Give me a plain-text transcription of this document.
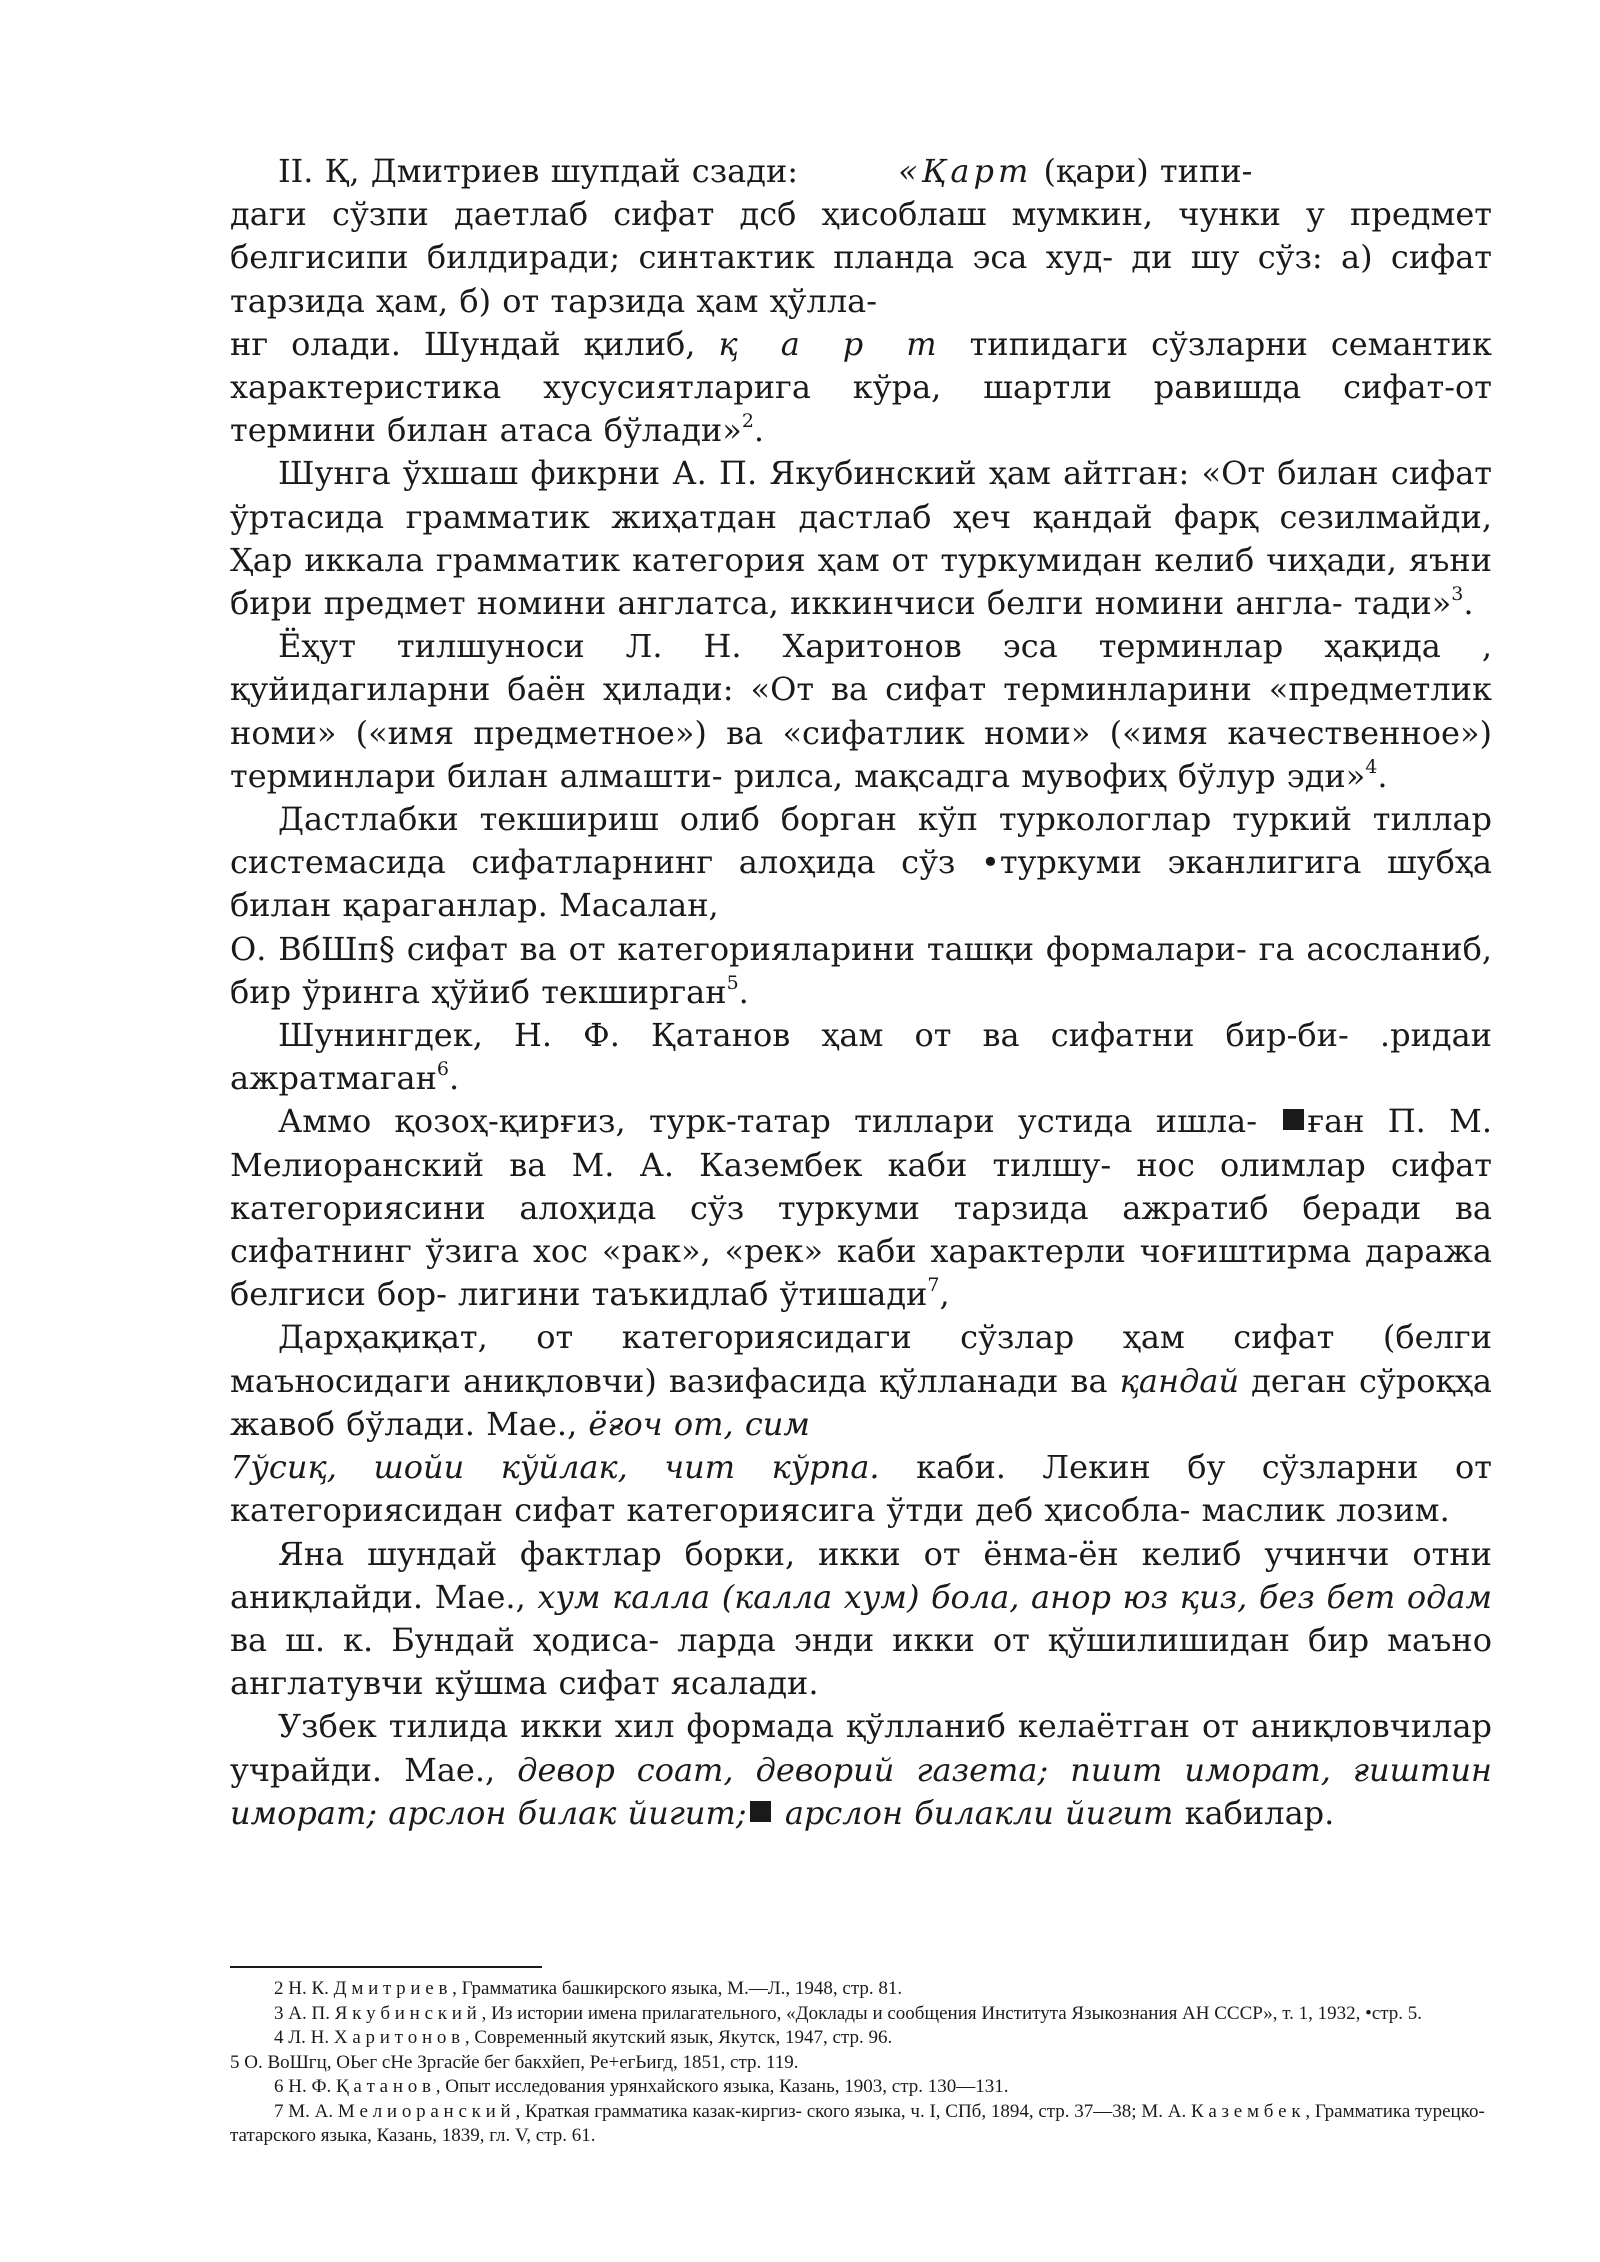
II. Қ, Дмитриев шупдай сзади:	«Қарт (қари) типи-
даги сўзпи даетлаб сифат дсб ҳисоблаш мумкин, чунки у предмет белгисипи билдиради; синтактик планда эса худ- ди шу сўз: а) сифат тарзида ҳам, б) от тарзида ҳам ҳўлла-
нг олади. Шундай қилиб, қ а р т типидаги сўзларни семантик характеристика хусусиятларига кўра, шартли равишда сифат-от термини билан атаса бўлади»$^2$.

Шунга ўхшаш фикрни А. П. Якубинский ҳам айтган: «От билан сифат ўртасида грамматик жиҳатдан дастлаб ҳеч қандай фарқ сезилмайди, Ҳар иккала грамматик категория ҳам от туркумидан келиб чиҳади, яъни бири предмет номини англатса, иккинчиси белги номини англа- тади»$^3$.

Ёҳут тилшуноси Л. Н. Харитонов эса терминлар ҳақида , қуйидагиларни баён ҳилади: «От ва сифат терминларини «предметлик номи» («имя предметное») ва «сифатлик номи» («имя качественное») терминлари билан алмашти- рилса, мақсадга мувофиҳ бўлур эди»$^4$.

Дастлабки текшириш олиб борган кўп туркологлар туркий тиллар системасида сифатларнинг алоҳида сўз •туркуми эканлигига шубҳа билан қараганлар. Масалан,
О. ВбШп§ сифат ва от категорияларини ташқи формалари- га асосланиб, бир ўрингa ҳўйиб текширган$^5$.

Шунингдек, Н. Ф. Қатанов ҳам от ва сифатни бир-би- .ридаи ажратмаган$^6$.

Аммо қозоҳ-қирғиз, турк-татар тиллари устида ишла- ған П. М. Мелиоранский ва М. А. Казембек каби тилшу- нос олимлар сифат категориясини алоҳида сўз туркуми тарзида ажратиб беради ва сифатнинг ўзига хос «рак», «рек» каби характерли чоғиштирма даража белгиси бор- лигини таъкидлаб ўтишади$^7$,

Дарҳақиқат, от категориясидаги сўзлар ҳам сифат (белги маъносидаги аниқловчи) вазифасида қўлланади ва қандай деган сўроқҳа жавоб бўлади. Мае., ёғоч от, сим
7ўсиқ, шойи кўйлак, чит кўрпа. каби. Лекин бу сўзларни от категориясидан сифат категориясига ўтди деб ҳисобла- маслик лозим.

Яна шундай фактлар борки, икки от ёнма-ён келиб учинчи отни аниқлайди. Мае., хум калла (калла хум) бола, анор юз қиз, без бет одам ва ш. к. Бундай ҳодиса- ларда энди икки от қўшилишидан бир маъно англатувчи кўшма сифат ясалади.

Узбек тилида икки хил формада қўлланиб келаётган от аниқловчилар учрайди. Мае., девор соат, деворий газета; пиит иморат, ғиштин иморат; арслон билак йигит; арслон билакли йигит кабилар.

2 Н. К. Д м и т р и е в , Грамматика башкирского языка, М.—Л., 1948, стр. 81.

3 А. П. Я к у б и н с к и й , Из истории имена прилагательного, «Доклады и сообщения Института Языкознания АН СССР», т. 1, 1932, •стр. 5.

4 Л. Н. Х а р и т о н о в , Современный якутский язык, Якутск, 1947, стр. 96.

5 О. ВоШгц, ОЬег сНе Зргасйе бег бакхйеп, Ре+егЬигд, 1851, стр. 119.

6 Н. Ф. Қ а т а н о в , Опыт исследования урянхайского языка, Казань, 1903, стр. 130—131.

7 М. А. М е л и о р а н с к и й , Краткая грамматика казак-киргиз- ского языка, ч. I, СПб, 1894, стр. 37—38; М. А. К а з е м б е к , Грамматика турецко-татарского языка, Казань, 1839, гл. V, стр. 61.
